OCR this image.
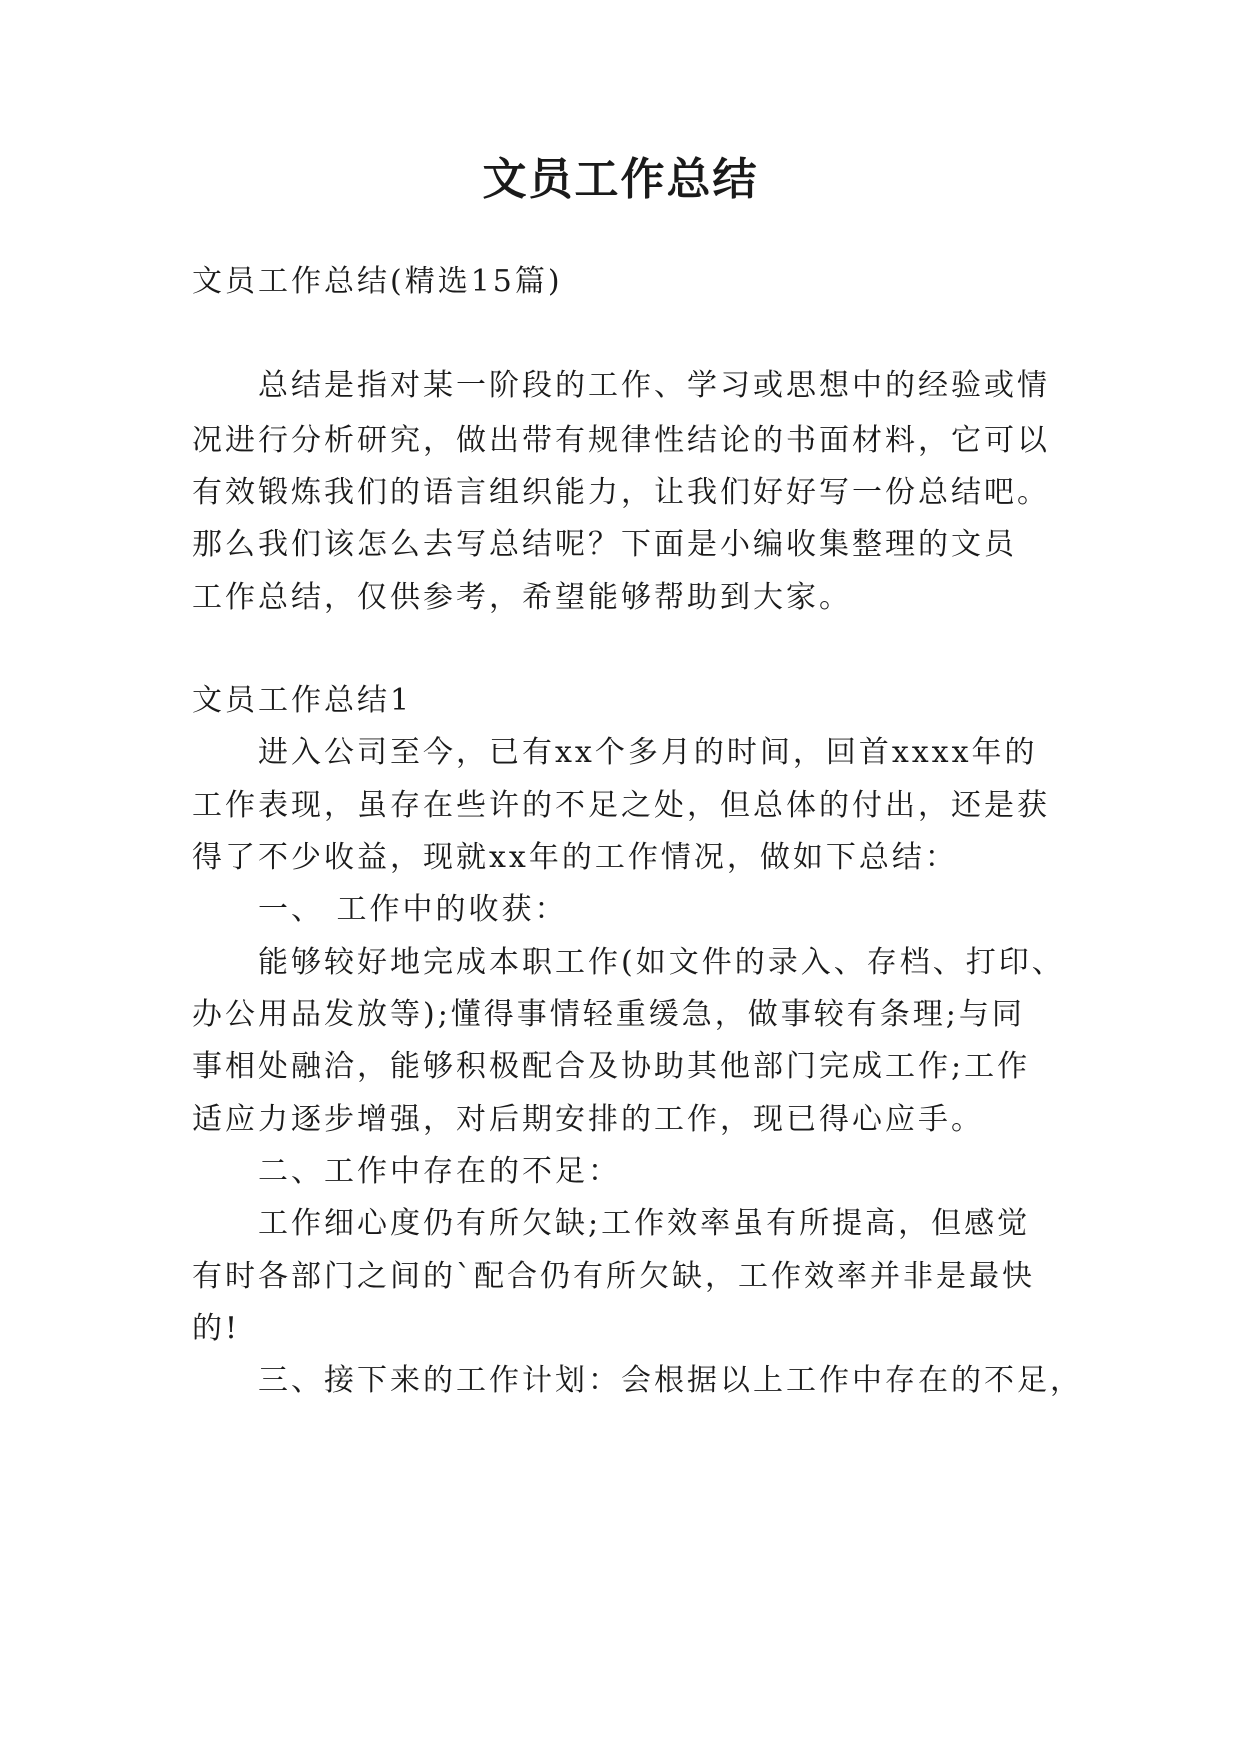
文员工作总结
文员工作总结(精选15篇)
总结是指对某一阶段的工作、学习或思想中的经验或情
况进行分析研究，做出带有规律性结论的书面材料，它可以
有效锻炼我们的语言组织能力，让我们好好写一份总结吧。
那么我们该怎么去写总结呢？下面是小编收集整理的文员
工作总结，仅供参考，希望能够帮助到大家。
文员工作总结1
进入公司至今，已有xx个多月的时间，回首xxxx年的
工作表现，虽存在些许的不足之处，但总体的付出，还是获
得了不少收益，现就xx年的工作情况，做如下总结：
一、 工作中的收获：
能够较好地完成本职工作(如文件的录入、存档、打印、
办公用品发放等);懂得事情轻重缓急，做事较有条理;与同
事相处融洽，能够积极配合及协助其他部门完成工作;工作
适应力逐步增强，对后期安排的工作，现已得心应手。
二、工作中存在的不足：
工作细心度仍有所欠缺;工作效率虽有所提高，但感觉
有时各部门之间的`配合仍有所欠缺，工作效率并非是最快
的!
三、接下来的工作计划：会根据以上工作中存在的不足，
